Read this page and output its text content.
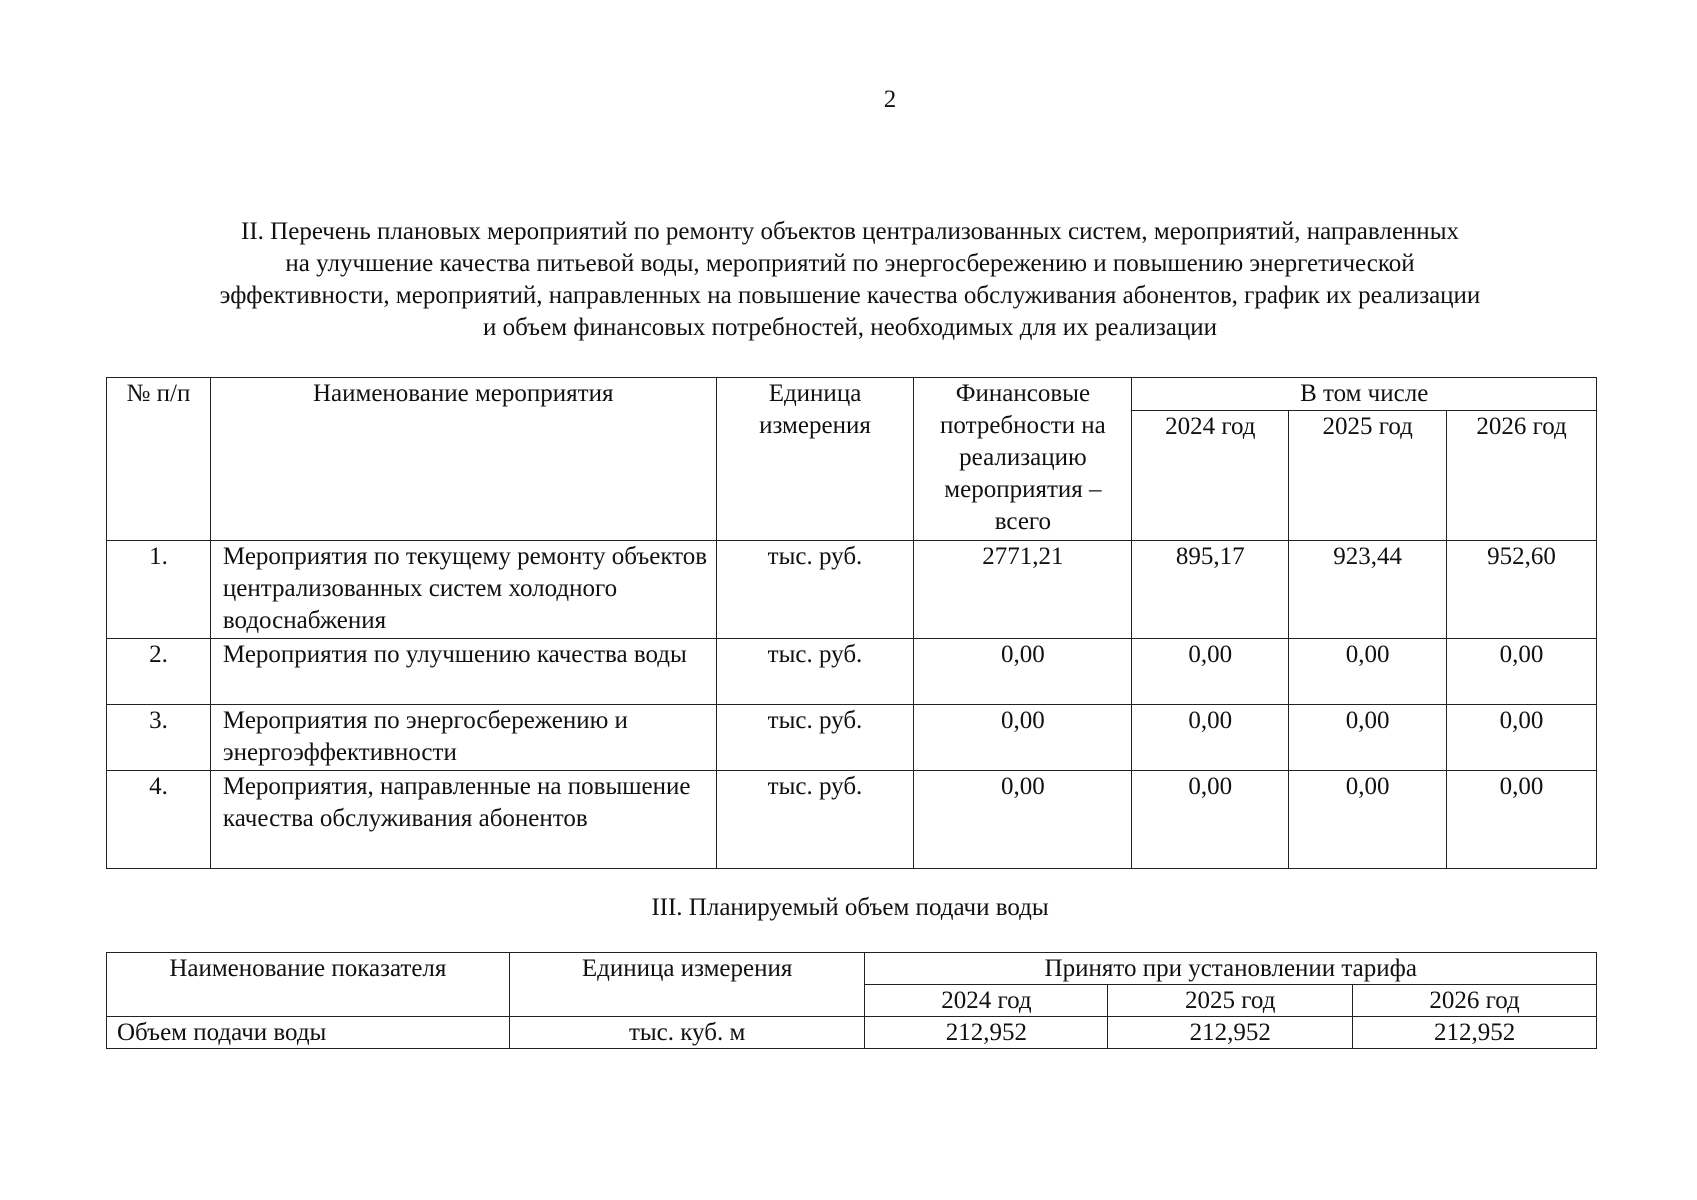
2
II. Перечень плановых мероприятий по ремонту объектов централизованных систем, мероприятий, направленных
на улучшение качества питьевой воды, мероприятий по энергосбережению и повышению энергетической
эффективности, мероприятий, направленных на повышение качества обслуживания абонентов, график их реализации
и объем финансовых потребностей, необходимых для их реализации
№ п/п	Наименование мероприятия	Единица измерения	Финансовые потребности на реализацию мероприятия – всего	В том числе		
				2024 год	2025 год	2026 год
1.	Мероприятия по текущему ремонту объектов централизованных систем холодного водоснабжения	тыс. руб.	2771,21	895,17	923,44	952,60
2.	Мероприятия по улучшению качества воды	тыс. руб.	0,00	0,00	0,00	0,00
3.	Мероприятия по энергосбережению и энергоэффективности	тыс. руб.	0,00	0,00	0,00	0,00
4.	Мероприятия, направленные на повышение качества обслуживания абонентов	тыс. руб.	0,00	0,00	0,00	0,00
III. Планируемый объем подачи воды
Наименование показателя	Единица измерения	Принято при установлении тарифа		
		2024 год	2025 год	2026 год
Объем подачи воды	тыс. куб. м	212,952	212,952	212,952
